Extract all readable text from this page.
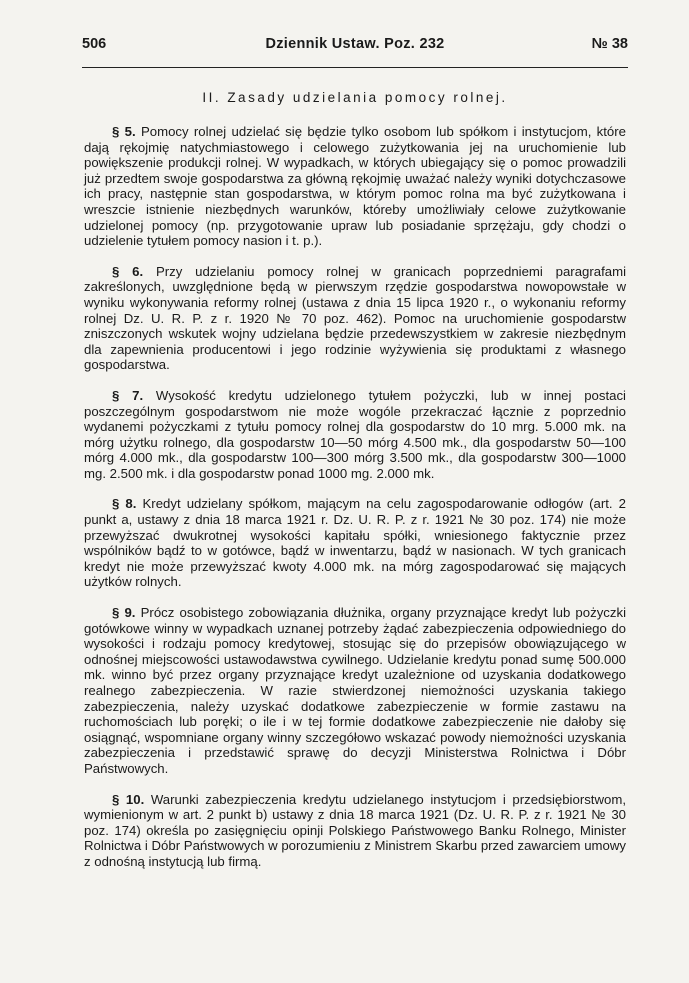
506	Dziennik Ustaw. Poz. 232	№ 38
II. Zasady udzielania pomocy rolnej.

§ 5. Pomocy rolnej udzielać się będzie tylko osobom lub spółkom i instytucjom, które dają rękojmię natychmiastowego i celowego zużytkowania jej na uruchomienie lub powiększenie produkcji rolnej. W wypadkach, w których ubiegający się o pomoc prowadzili już przedtem swoje gospodarstwa za główną rękojmię uważać należy wyniki dotychczasowe ich pracy, następnie stan gospodarstwa, w którym pomoc rolna ma być zużytkowana i wreszcie istnienie niezbędnych warunków, któreby umożliwiały celowe zużytkowanie udzielonej pomocy (np. przygotowanie upraw lub posiadanie sprzężaju, gdy chodzi o udzielenie tytułem pomocy nasion i t. p.).

§ 6. Przy udzielaniu pomocy rolnej w granicach poprzedniemi paragrafami zakreślonych, uwzględnione będą w pierwszym rzędzie gospodarstwa nowopowstałe w wyniku wykonywania reformy rolnej (ustawa z dnia 15 lipca 1920 r., o wykonaniu reformy rolnej Dz. U. R. P. z r. 1920 № 70 poz. 462). Pomoc na uruchomienie gospodarstw zniszczonych wskutek wojny udzielana będzie przedewszystkiem w zakresie niezbędnym dla zapewnienia producentowi i jego rodzinie wyżywienia się produktami z własnego gospodarstwa.

§ 7. Wysokość kredytu udzielonego tytułem pożyczki, lub w innej postaci poszczególnym gospodarstwom nie może wogóle przekraczać łącznie z poprzednio wydanemi pożyczkami z tytułu pomocy rolnej dla gospodarstw do 10 mrg. 5.000 mk. na mórg użytku rolnego, dla gospodarstw 10—50 mórg 4.500 mk., dla gospodarstw 50—100 mórg 4.000 mk., dla gospodarstw 100—300 mórg 3.500 mk., dla gospodarstw 300—1000 mg. 2.500 mk. i dla gospodarstw ponad 1000 mg. 2.000 mk.

§ 8. Kredyt udzielany spółkom, mającym na celu zagospodarowanie odłogów (art. 2 punkt a, ustawy z dnia 18 marca 1921 r. Dz. U. R. P. z r. 1921 № 30 poz. 174) nie może przewyższać dwukrotnej wysokości kapitału spółki, wniesionego faktycznie przez wspólników bądź to w gotówce, bądź w inwentarzu, bądź w nasionach. W tych granicach kredyt nie może przewyższać kwoty 4.000 mk. na mórg zagospodarować się mających użytków rolnych.

§ 9. Prócz osobistego zobowiązania dłużnika, organy przyznające kredyt lub pożyczki gotówkowe winny w wypadkach uznanej potrzeby żądać zabezpieczenia odpowiedniego do wysokości i rodzaju pomocy kredytowej, stosując się do przepisów obowiązującego w odnośnej miejscowości ustawodawstwa cywilnego. Udzielanie kredytu ponad sumę 500.000 mk. winno być przez organy przyznające kredyt uzależnione od uzyskania dodatkowego realnego zabezpieczenia. W razie stwierdzonej niemożności uzyskania takiego zabezpieczenia, należy uzyskać dodatkowe zabezpieczenie w formie zastawu na ruchomościach lub poręki; o ile i w tej formie dodatkowe zabezpieczenie nie dałoby się osiągnąć, wspomniane organy winny szczegółowo wskazać powody niemożności uzyskania zabezpieczenia i przedstawić sprawę do decyzji Ministerstwa Rolnictwa i Dóbr Państwowych.

§ 10. Warunki zabezpieczenia kredytu udzielanego instytucjom i przedsiębiorstwom, wymienionym w art. 2 punkt b) ustawy z dnia 18 marca 1921 (Dz. U. R. P. z r. 1921 № 30 poz. 174) określa po zasięgnięciu opinji Polskiego Państwowego Banku Rolnego, Minister Rolnictwa i Dóbr Państwowych w porozumieniu z Ministrem Skarbu przed zawarciem umowy z odnośną instytucją lub firmą.
